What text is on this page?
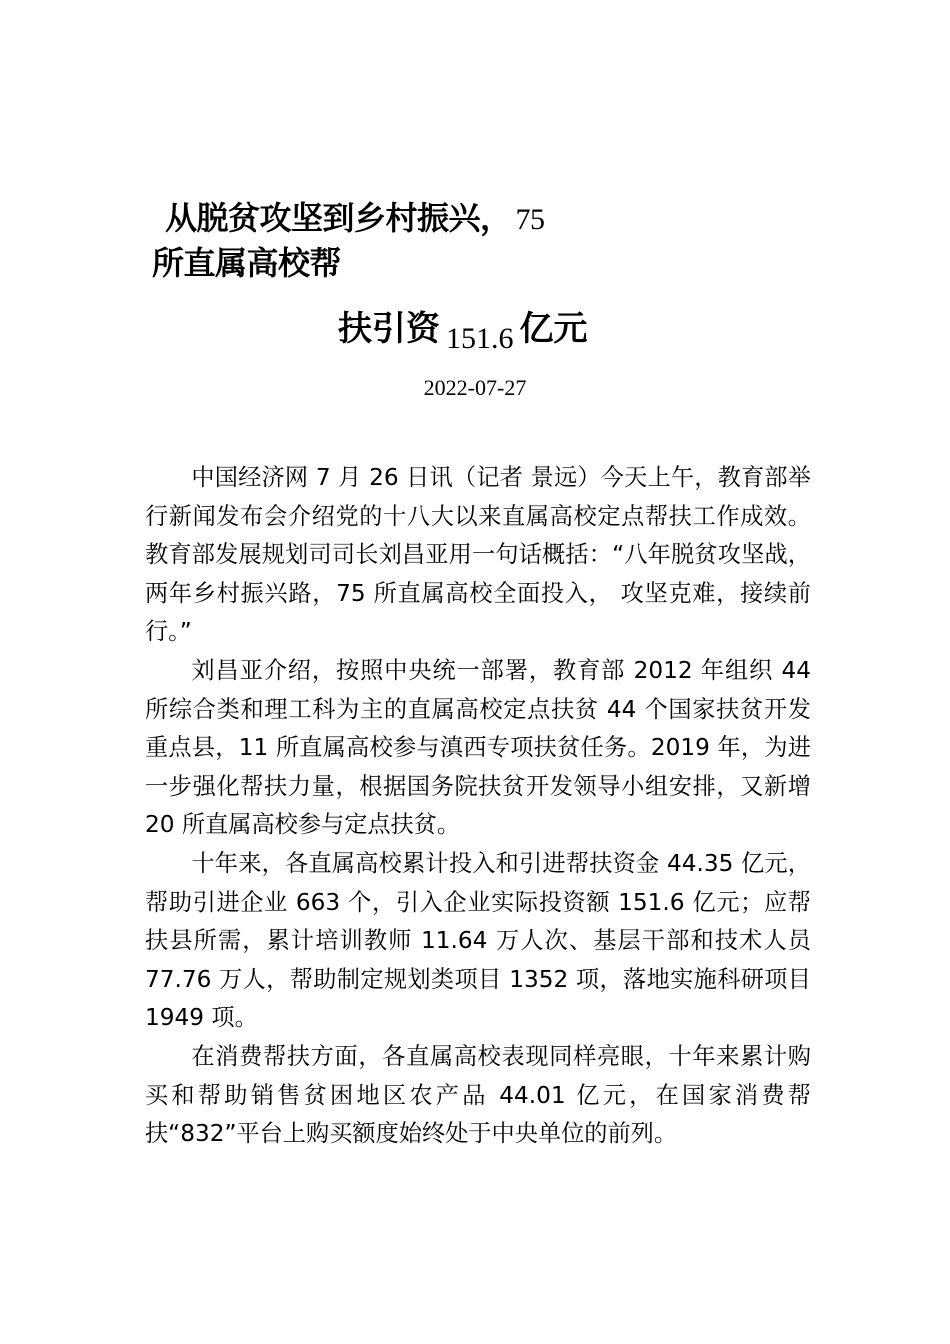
从脱贫攻坚到乡村振兴， 75
所直属高校帮
扶引资 151.6 亿元
2022-07-27

中国经济网 7 月 26 日讯（记者 景远）今天上午，教育部举行新闻发布会介绍党的十八大以来直属高校定点帮扶工作成效。教育部发展规划司司长刘昌亚用一句话概括：“八年脱贫攻坚战，两年乡村振兴路，75 所直属高校全面投入， 攻坚克难，接续前行。”

刘昌亚介绍，按照中央统一部署，教育部 2012 年组织 44 所综合类和理工科为主的直属高校定点扶贫 44 个国家扶贫开发重点县，11 所直属高校参与滇西专项扶贫任务。2019 年，为进一步强化帮扶力量，根据国务院扶贫开发领导小组安排，又新增 20 所直属高校参与定点扶贫。

十年来，各直属高校累计投入和引进帮扶资金 44.35 亿元，帮助引进企业 663 个，引入企业实际投资额 151.6 亿元；应帮扶县所需，累计培训教师 11.64 万人次、基层干部和技术人员 77.76 万人，帮助制定规划类项目 1352 项，落地实施科研项目 1949 项。

在消费帮扶方面，各直属高校表现同样亮眼，十年来累计购买和帮助销售贫困地区农产品 44.01 亿元，在国家消费帮扶“832”平台上购买额度始终处于中央单位的前列。
